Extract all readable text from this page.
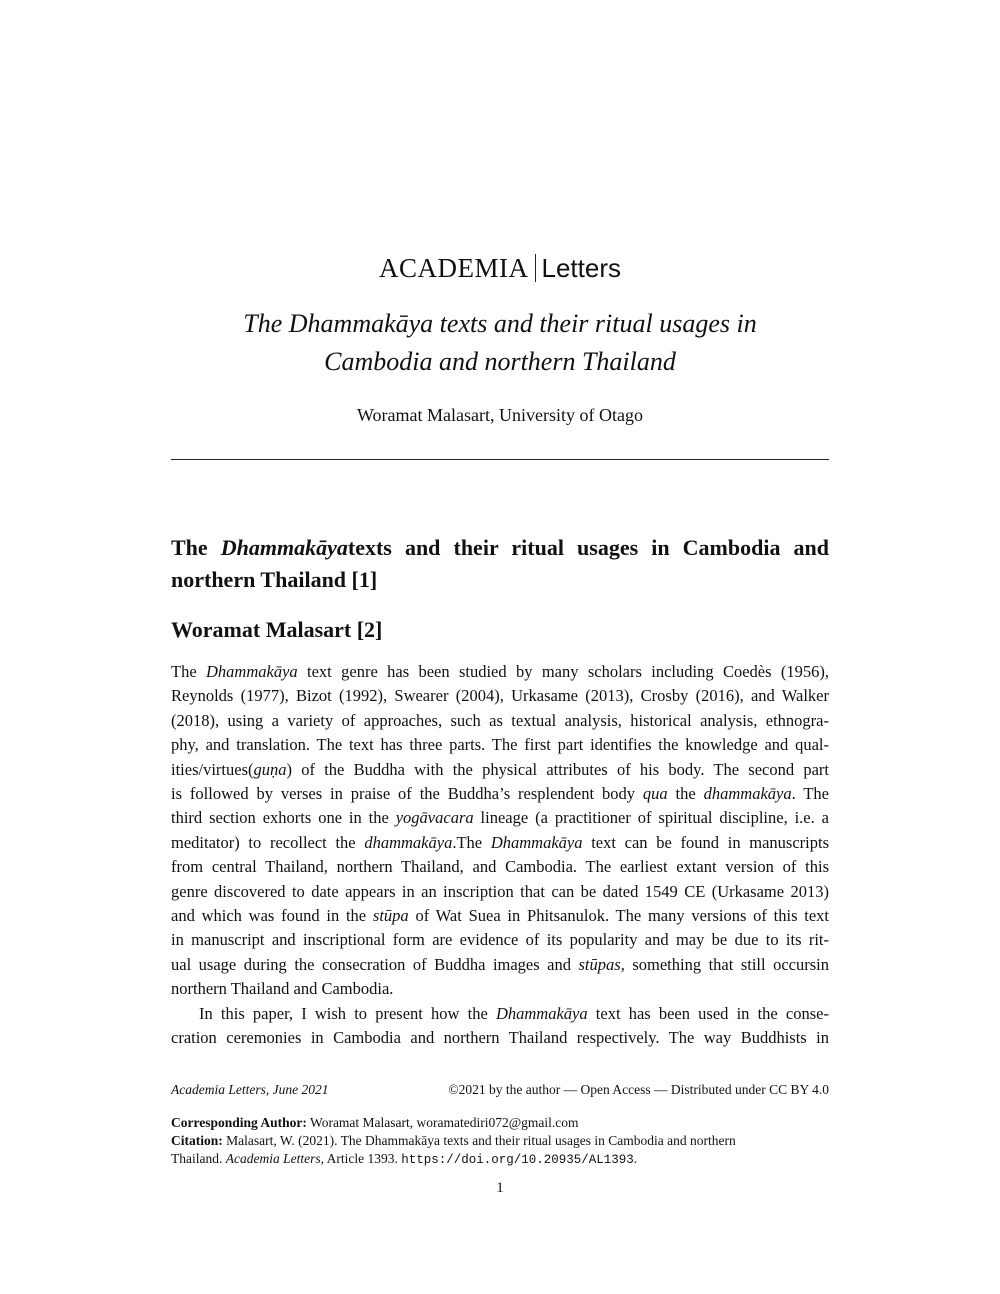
ACADEMIA Letters
The Dhammakāya texts and their ritual usages in
Cambodia and northern Thailand
Woramat Malasart, University of Otago
The Dhammakāyatexts and their ritual usages in Cambodia and northern Thailand [1]
Woramat Malasart [2]

The Dhammakāya text genre has been studied by many scholars including Coedès (1956),

Reynolds (1977), Bizot (1992), Swearer (2004), Urkasame (2013), Crosby (2016), and Walker

(2018), using a variety of approaches, such as textual analysis, historical analysis, ethnogra-

phy, and translation. The text has three parts. The first part identifies the knowledge and qual-

ities/virtues(guṇa) of the Buddha with the physical attributes of his body. The second part

is followed by verses in praise of the Buddha’s resplendent body qua the dhammakāya. The

third section exhorts one in the yogāvacara lineage (a practitioner of spiritual discipline, i.e. a

meditator) to recollect the dhammakāya.The Dhammakāya text can be found in manuscripts

from central Thailand, northern Thailand, and Cambodia. The earliest extant version of this

genre discovered to date appears in an inscription that can be dated 1549 CE (Urkasame 2013)

and which was found in the stūpa of Wat Suea in Phitsanulok. The many versions of this text

in manuscript and inscriptional form are evidence of its popularity and may be due to its rit-

ual usage during the consecration of Buddha images and stūpas, something that still occursin

northern Thailand and Cambodia.

In this paper, I wish to present how the Dhammakāya text has been used in the conse-

cration ceremonies in Cambodia and northern Thailand respectively. The way Buddhists in

Academia Letters, June 2021	©2021 by the author — Open Access — Distributed under CC BY 4.0
Corresponding Author: Woramat Malasart, woramatediri072@gmail.com
Citation: Malasart, W. (2021). The Dhammakāya texts and their ritual usages in Cambodia and northern
Thailand. Academia Letters, Article 1393. https://doi.org/10.20935/AL1393.
1
